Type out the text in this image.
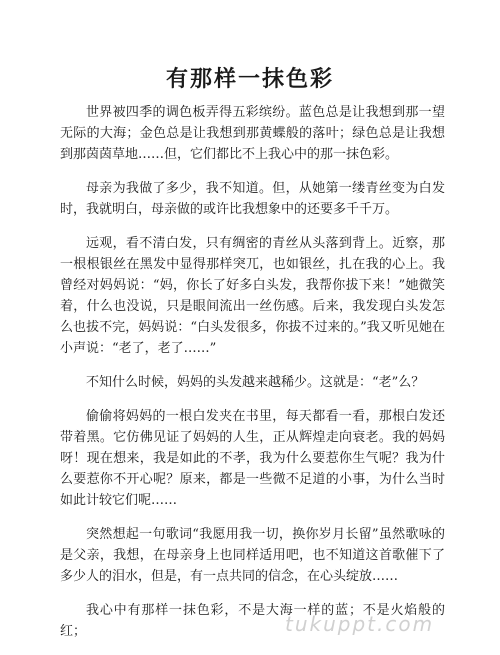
有那样一抹色彩

世界被四季的调色板弄得五彩缤纷。蓝色总是让我想到那一望无际的大海；金色总是让我想到那黄蝶般的落叶；绿色总是让我想到那茵茵草地……但，它们都比不上我心中的那一抹色彩。

母亲为我做了多少，我不知道。但，从她第一缕青丝变为白发时，我就明白，母亲做的或许比我想象中的还要多千千万。

远观，看不清白发，只有绸密的青丝从头落到背上。近察，那一根根银丝在黑发中显得那样突兀，也如银丝，扎在我的心上。我曾经对妈妈说：“妈，你长了好多白头发，我帮你拔下来！”她微笑着，什么也没说，只是眼间流出一丝伤感。后来，我发现白头发怎么也拔不完，妈妈说：“白头发很多，你拔不过来的。”我又听见她在小声说：“老了，老了……”

不知什么时候，妈妈的头发越来越稀少。这就是：“老”么？

偷偷将妈妈的一根白发夹在书里，每天都看一看，那根白发还带着黑。它仿佛见证了妈妈的人生，正从辉煌走向衰老。我的妈妈呀！现在想来，我是如此的不孝，我为什么要惹你生气呢？我为什么要惹你不开心呢？原来，都是一些微不足道的小事，为什么当时如此计较它们呢……

突然想起一句歌词“我愿用我一切，换你岁月长留”虽然歌咏的是父亲，我想，在母亲身上也同样适用吧，也不知道这首歌催下了多少人的泪水，但是，有一点共同的信念，在心头绽放……

我心中有那样一抹色彩，不是大海一样的蓝；不是火焰般的红；	tukuppt.com
